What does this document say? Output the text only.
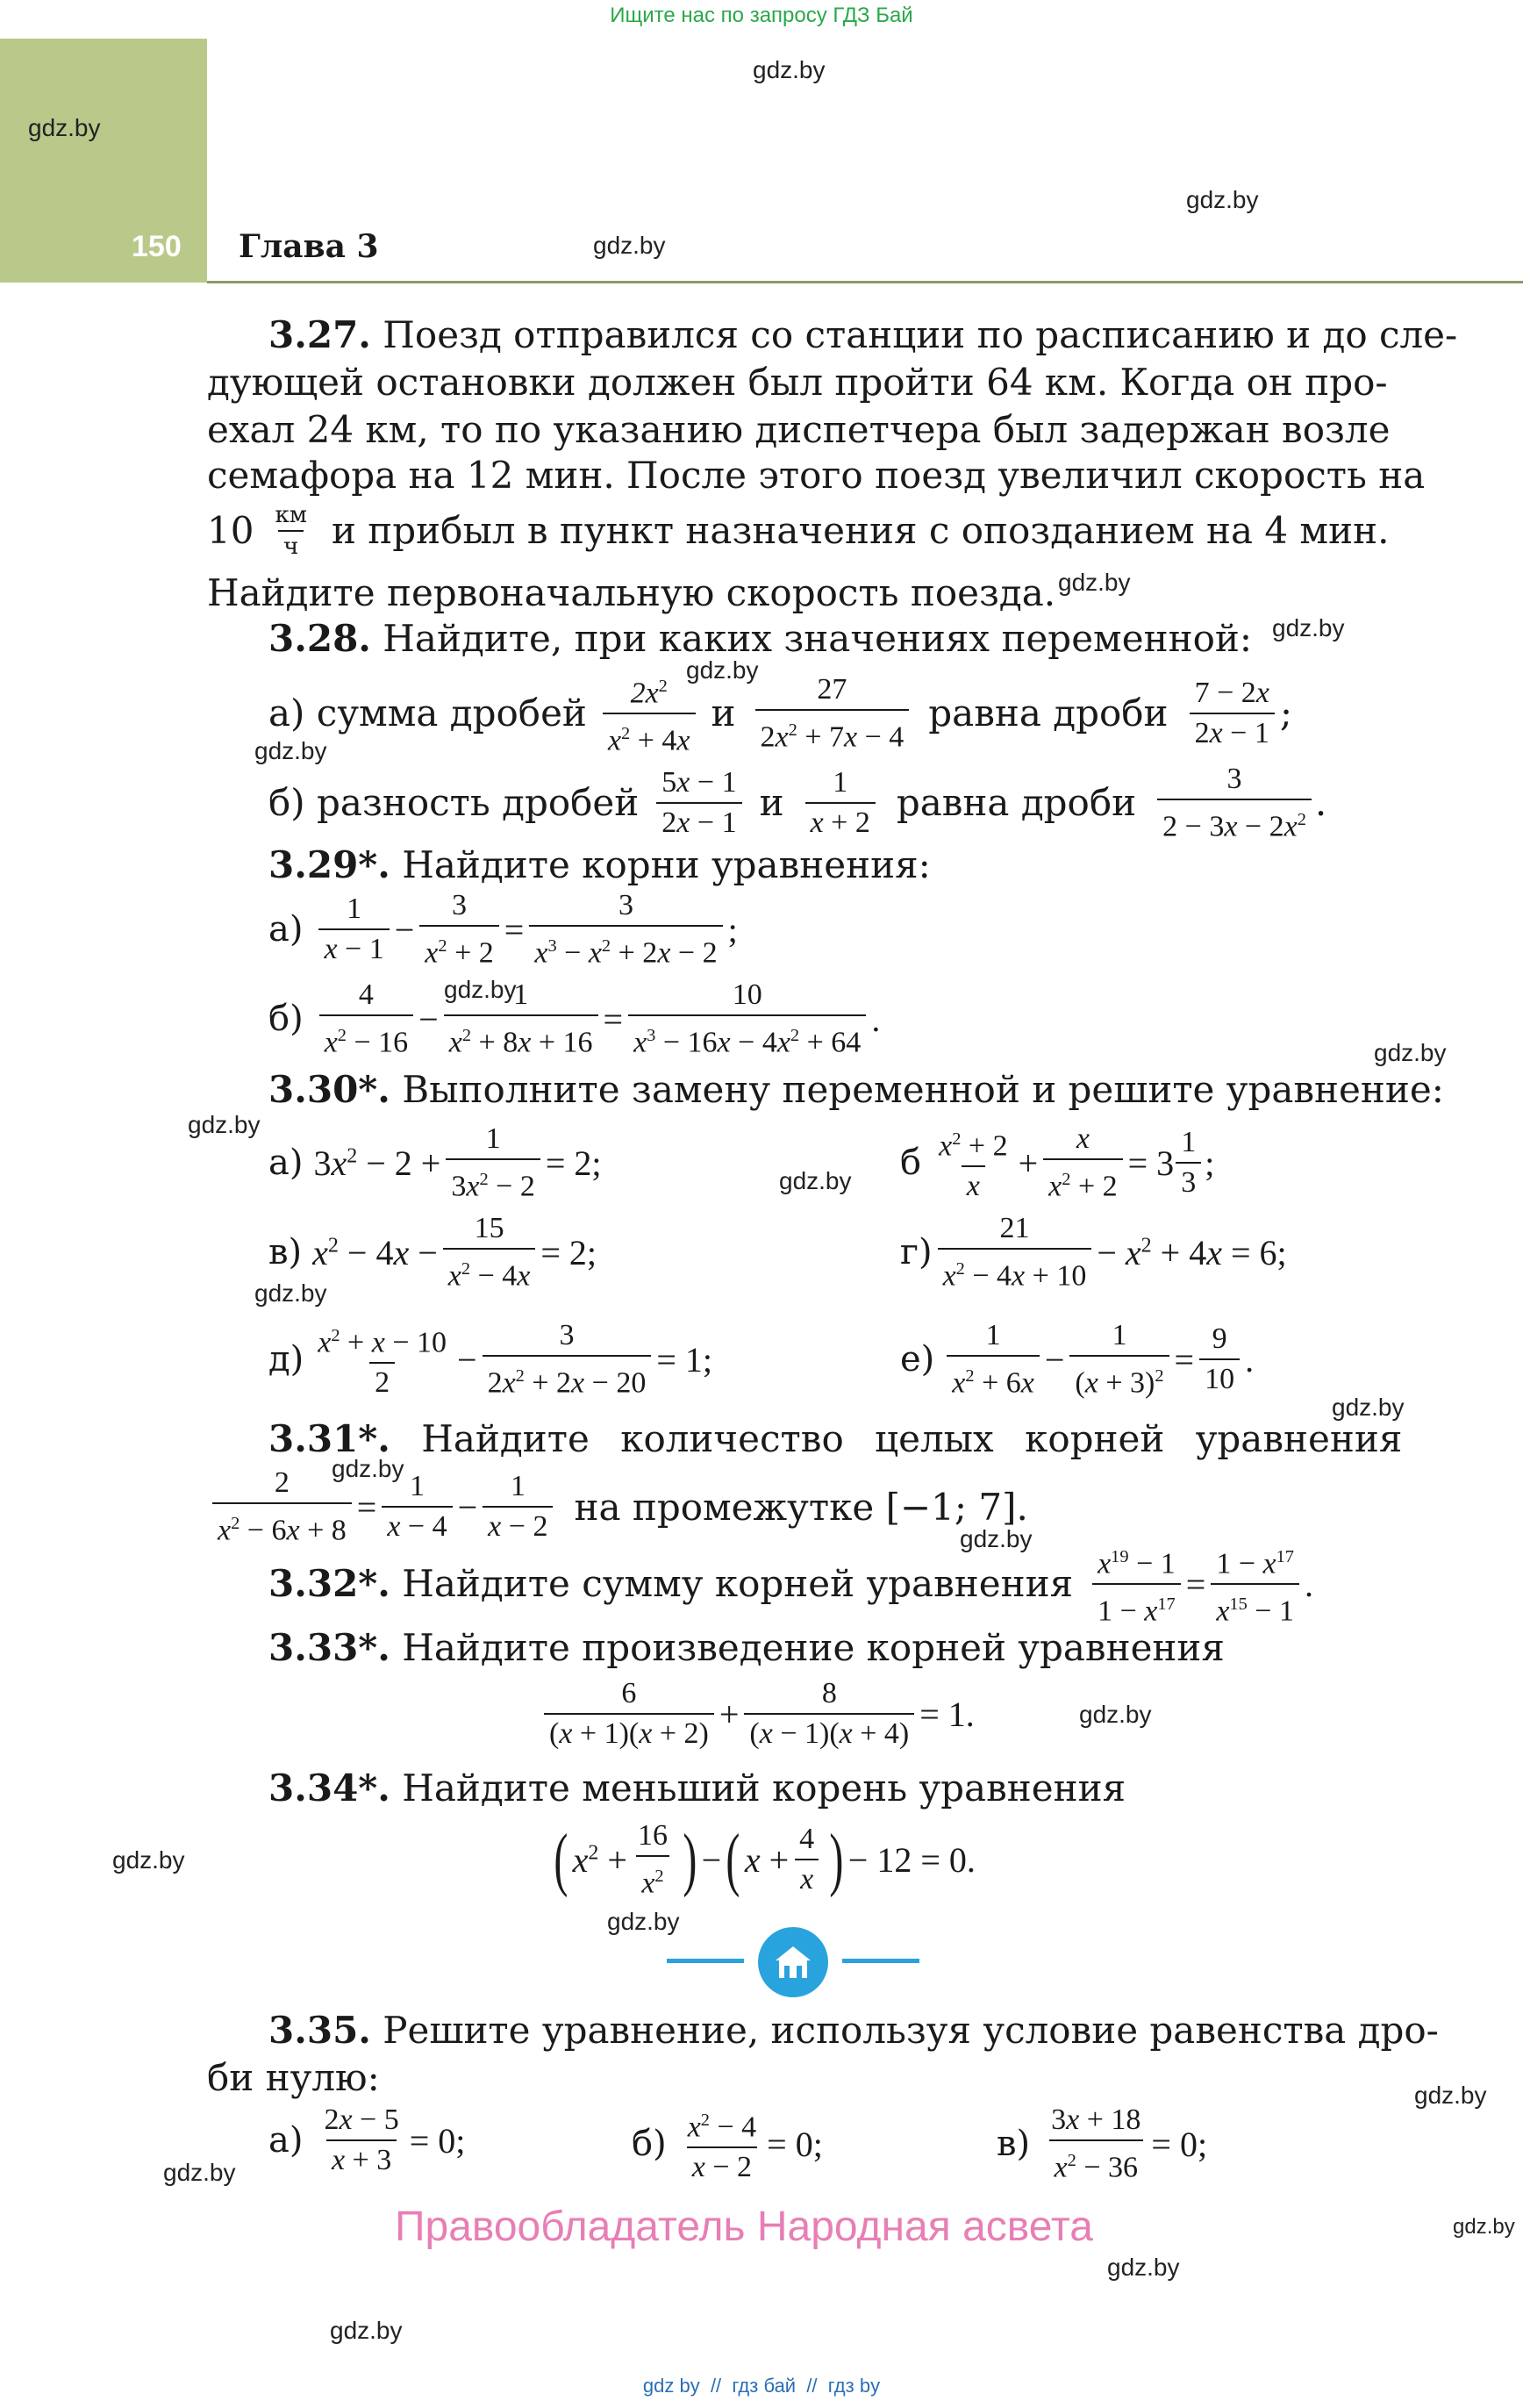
Ищите нас по запросу ГДЗ Бай
gdz.by
150 Глава 3
gdz.by
gdz.by
gdz.by
gdz.by
gdz.by
gdz.by
gdz.by
gdz.by
gdz.by
gdz.by
gdz.by
gdz.by
gdz.by
gdz.by
gdz.by
gdz.by
gdz.by
gdz.by
gdz.by
gdz.by
gdz.by
gdz.by
gdz.by
3.27. Поезд отправился со станции по расписанию и до сле-
дующей остановки должен был пройти 64 км. Когда он про-
ехал 24 км, то по указанию диспетчера был задержан возле
семафора на 12 мин. После этого поезд увеличил скорость на
$10 \frac{км}{ч}$ и прибыл в пункт назначения с опозданием на 4 мин.
Найдите первоначальную скорость поезда.
3.28. Найдите, при каких значениях переменной:
а)
сумма дробей $\frac{2x^2}{x^2 + 4x}$ и $\frac{27}{2x^2 + 7x - 4}$ равна дроби $\frac{7 - 2x}{2x - 1}$ ;
б)
разность дробей $\frac{5x - 1}{2x - 1}$ и $\frac{1}{x + 2}$ равна дроби $\frac{3}{2 - 3x - 2x^2}$ .
3.29*. Найдите корни уравнения:
$а) \frac{1}{x - 1} - \frac{3}{x^2 + 2} = \frac{3}{x^3 - x^2 + 2x - 2}$ ;
$б) \frac{4}{x^2 - 16} - \frac{1}{x^2 + 8x + 16} = \frac{10}{x^3 - 16x - 4x^2 + 64}$ .
3.30*. Выполните замену переменной и решите уравнение:
а) $3x^2 - 2 + \frac{1}{3x^2 - 2} = 2$;	б $\frac{x^2 + 2}{x} + \frac{x}{x^2 + 2} = 3 \frac{1}{3}$ ;
в) $x^2 - 4x - \frac{15}{x^2 - 4x} = 2$;	$г) \frac{21}{x^2 - 4x + 10} - x^2 + 4x = 6$;
$д) \frac{x^2 + x - 10}{2} - \frac{3}{2x^2 + 2x - 20} = 1$;	$е) \frac{1}{x^2 + 6x} - \frac{1}{(x + 3)^2} = \frac{9}{10}$ .
3.31*. Найдите количество целых корней уравнения
$\frac{2}{x^2 - 6x + 8} = \frac{1}{x - 4} - \frac{1}{x - 2}$ на промежутке [−1; 7].
3.32*. Найдите сумму корней уравнения $\frac{x^{19} - 1}{1 - x^{17}} = \frac{1 - x^{17}}{x^{15} - 1}$ .
3.33*. Найдите произведение корней уравнения
$\frac{6}{(x + 1)(x + 2)} + \frac{8}{(x - 1)(x + 4)} = 1$.
3.34*. Найдите меньший корень уравнения
( $x^2 + \frac{16}{x^2}$ ) − ( $x + \frac{4}{x}$ ) − 12 = 0.
3.35. Решите уравнение, используя условие равенства дро-
би нулю:
$а) \frac{2x - 5}{x + 3} = 0$;	$б) \frac{x^2 - 4}{x - 2} = 0$;	$в) \frac{3x + 18}{x^2 - 36} = 0$;
Правообладатель Народная асвета
gdz by  //  гдз бай  //  гдз by
